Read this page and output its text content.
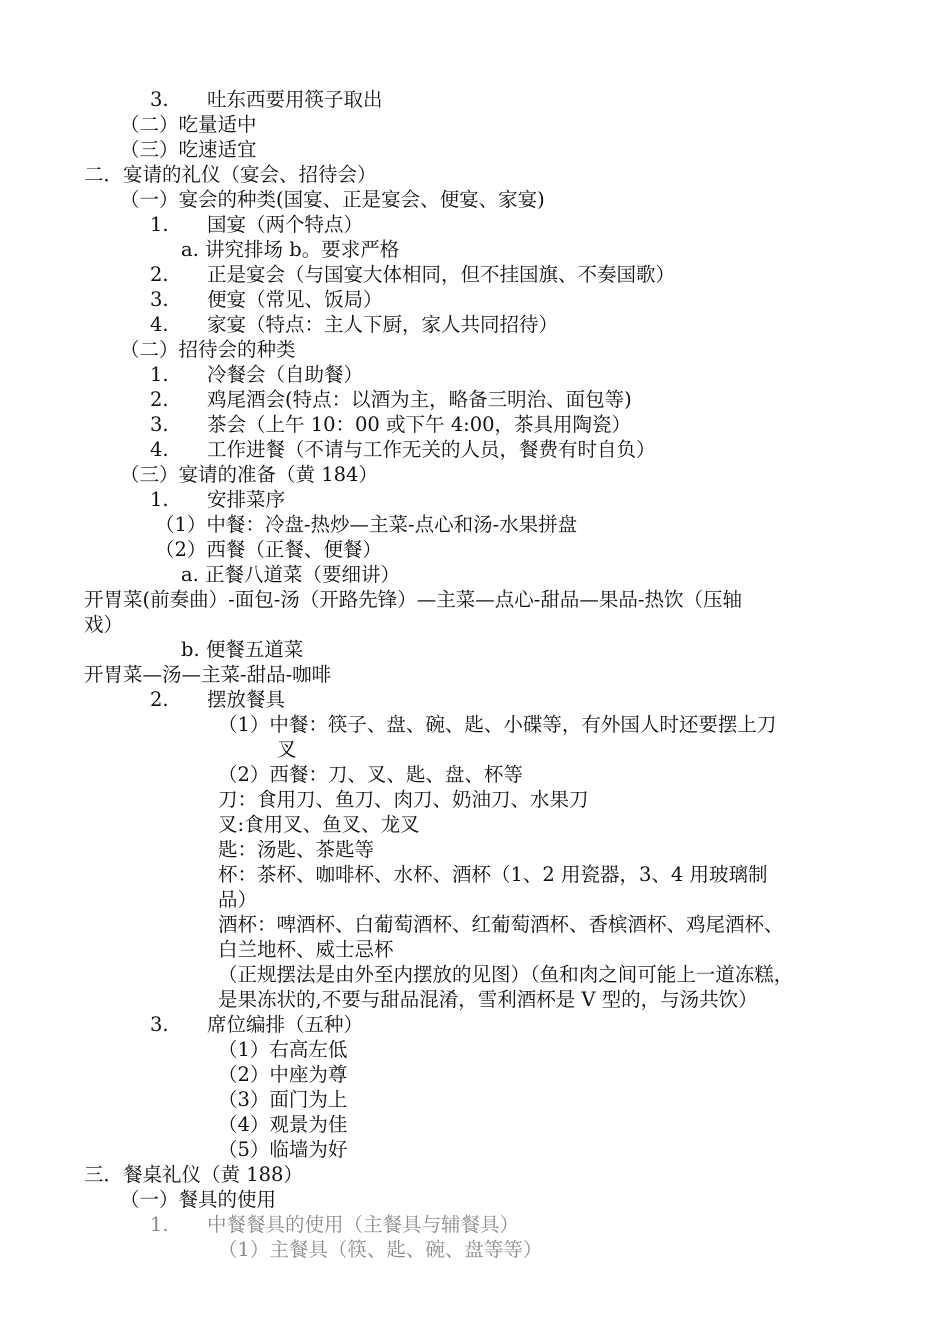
3. 吐东西要用筷子取出
（二）吃量适中
（三）吃速适宜
二．宴请的礼仪（宴会、招待会）
（一）宴会的种类(国宴、正是宴会、便宴、家宴)
1. 国宴（两个特点）
a. 讲究排场 b。要求严格
2. 正是宴会（与国宴大体相同，但不挂国旗、不奏国歌）
3. 便宴（常见、饭局）
4. 家宴（特点：主人下厨，家人共同招待）
（二）招待会的种类
1. 冷餐会（自助餐）
2. 鸡尾酒会(特点：以酒为主，略备三明治、面包等)
3. 茶会（上午 10：00 或下午 4:00，茶具用陶瓷）
4. 工作进餐（不请与工作无关的人员，餐费有时自负）
（三）宴请的准备（黄 184）
1. 安排菜序
（1）中餐：冷盘-热炒—主菜-点心和汤-水果拼盘
（2）西餐（正餐、便餐）
a. 正餐八道菜（要细讲）
开胃菜(前奏曲）-面包-汤（开路先锋）—主菜—点心-甜品—果品-热饮（压轴
戏）
b. 便餐五道菜
开胃菜—汤—主菜-甜品-咖啡
2. 摆放餐具
（1）中餐：筷子、盘、碗、匙、小碟等，有外国人时还要摆上刀
叉
（2）西餐：刀、叉、匙、盘、杯等
刀：食用刀、鱼刀、肉刀、奶油刀、水果刀
叉:食用叉、鱼叉、龙叉
匙：汤匙、茶匙等
杯：茶杯、咖啡杯、水杯、酒杯（1、2 用瓷器，3、4 用玻璃制
品）
酒杯：啤酒杯、白葡萄酒杯、红葡萄酒杯、香槟酒杯、鸡尾酒杯、
白兰地杯、威士忌杯
（正规摆法是由外至内摆放的见图）（鱼和肉之间可能上一道冻糕，
是果冻状的,不要与甜品混淆，雪利酒杯是 V 型的，与汤共饮）
3. 席位编排（五种）
（1）右高左低
（2）中座为尊
（3）面门为上
（4）观景为佳
（5）临墙为好
三．餐桌礼仪（黄 188）
（一）餐具的使用
1. 中餐餐具的使用（主餐具与辅餐具）
（1）主餐具（筷、匙、碗、盘等等）
